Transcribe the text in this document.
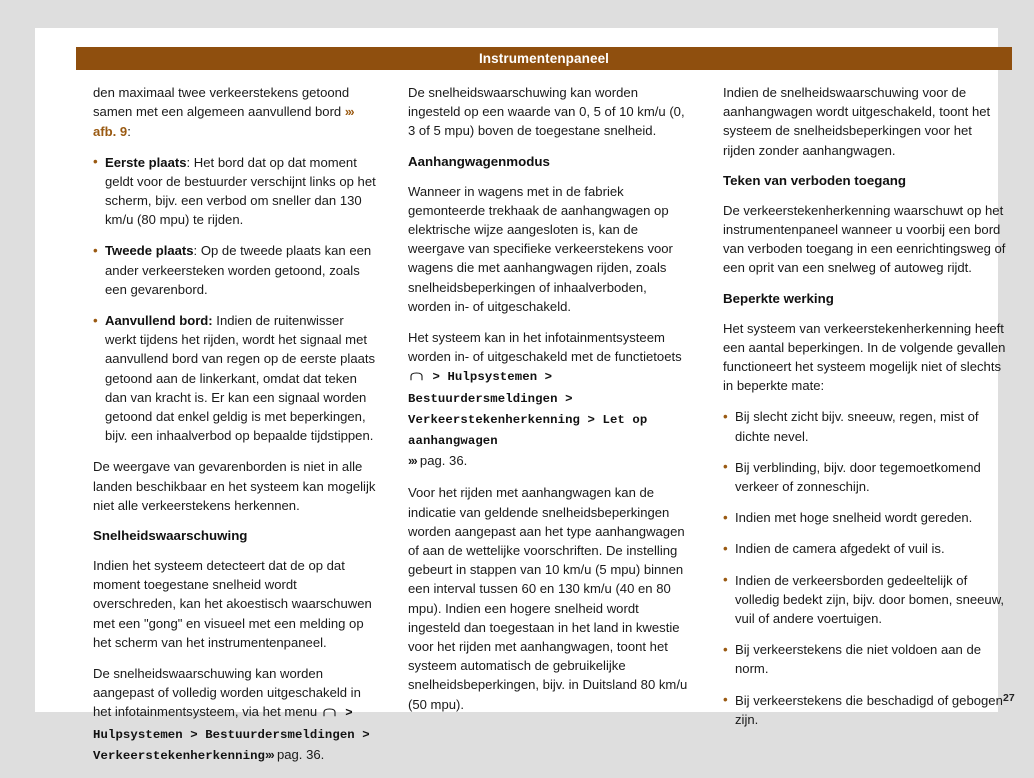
Instrumentenpaneel

den maximaal twee verkeerstekens getoond samen met een algemeen aanvullend bord ››› afb. 9:

• Eerste plaats: Het bord dat op dat moment geldt voor de bestuurder verschijnt links op het scherm, bijv. een verbod om sneller dan 130 km/u (80 mpu) te rijden.
• Tweede plaats: Op de tweede plaats kan een ander verkeersteken worden getoond, zoals een gevarenbord.
• Aanvullend bord: Indien de ruitenwisser werkt tijdens het rijden, wordt het signaal met aanvullend bord van regen op de eerste plaats getoond aan de linkerkant, omdat dat teken dan van kracht is. Er kan een signaal worden getoond dat enkel geldig is met beperkingen, bijv. een inhaalverbod op bepaalde tijdstippen.

De weergave van gevarenborden is niet in alle landen beschikbaar en het systeem kan mogelijk niet alle verkeerstekens herkennen.

Snelheidswaarschuwing

Indien het systeem detecteert dat de op dat moment toegestane snelheid wordt overschreden, kan het akoestisch waarschuwen met een "gong" en visueel met een melding op het scherm van het instrumentenpaneel.

De snelheidswaarschuwing kan worden aangepast of volledig worden uitgeschakeld in het infotainmentsysteem, via het menu
> Hulpsystemen > Bestuurdersmeldingen > Verkeerstekenherkenning››› pag. 36.

De snelheidswaarschuwing kan worden ingesteld op een waarde van 0, 5 of 10 km/u (0, 3 of 5 mpu) boven de toegestane snelheid.

Aanhangwagenmodus

Wanneer in wagens met in de fabriek gemonteerde trekhaak de aanhangwagen op elektrische wijze aangesloten is, kan de weergave van specifieke verkeerstekens voor wagens die met aanhangwagen rijden, zoals snelheidsbeperkingen of inhaalverboden, worden in- of uitgeschakeld.

Het systeem kan in het infotainmentsysteem worden in- of uitgeschakeld met de functietoets
> Hulpsystemen > Bestuurdersmeldingen > Verkeerstekenherkenning > Let op aanhangwagen
››› pag. 36.

Voor het rijden met aanhangwagen kan de indicatie van geldende snelheidsbeperkingen worden aangepast aan het type aanhangwagen of aan de wettelijke voorschriften. De instelling gebeurt in stappen van 10 km/u (5 mpu) binnen een interval tussen 60 en 130 km/u (40 en 80 mpu). Indien een hogere snelheid wordt ingesteld dan toegestaan in het land in kwestie voor het rijden met aanhangwagen, toont het systeem automatisch de gebruikelijke snelheidsbeperkingen, bijv. in Duitsland 80 km/u (50 mpu).

Indien de snelheidswaarschuwing voor de aanhangwagen wordt uitgeschakeld, toont het systeem de snelheidsbeperkingen voor het rijden zonder aanhangwagen.

Teken van verboden toegang

De verkeerstekenherkenning waarschuwt op het instrumentenpaneel wanneer u voorbij een bord van verboden toegang in een eenrichtingsweg of een oprit van een snelweg of autoweg rijdt.

Beperkte werking

Het systeem van verkeerstekenherkenning heeft een aantal beperkingen. In de volgende gevallen functioneert het systeem mogelijk niet of slechts in beperkte mate:

• Bij slecht zicht bijv. sneeuw, regen, mist of dichte nevel.
• Bij verblinding, bijv. door tegemoetkomend verkeer of zonneschijn.
• Indien met hoge snelheid wordt gereden.
• Indien de camera afgedekt of vuil is.
• Indien de verkeersborden gedeeltelijk of volledig bedekt zijn, bijv. door bomen, sneeuw, vuil of andere voertuigen.
• Bij verkeerstekens die niet voldoen aan de norm.
• Bij verkeerstekens die beschadigd of gebogen zijn.
27
